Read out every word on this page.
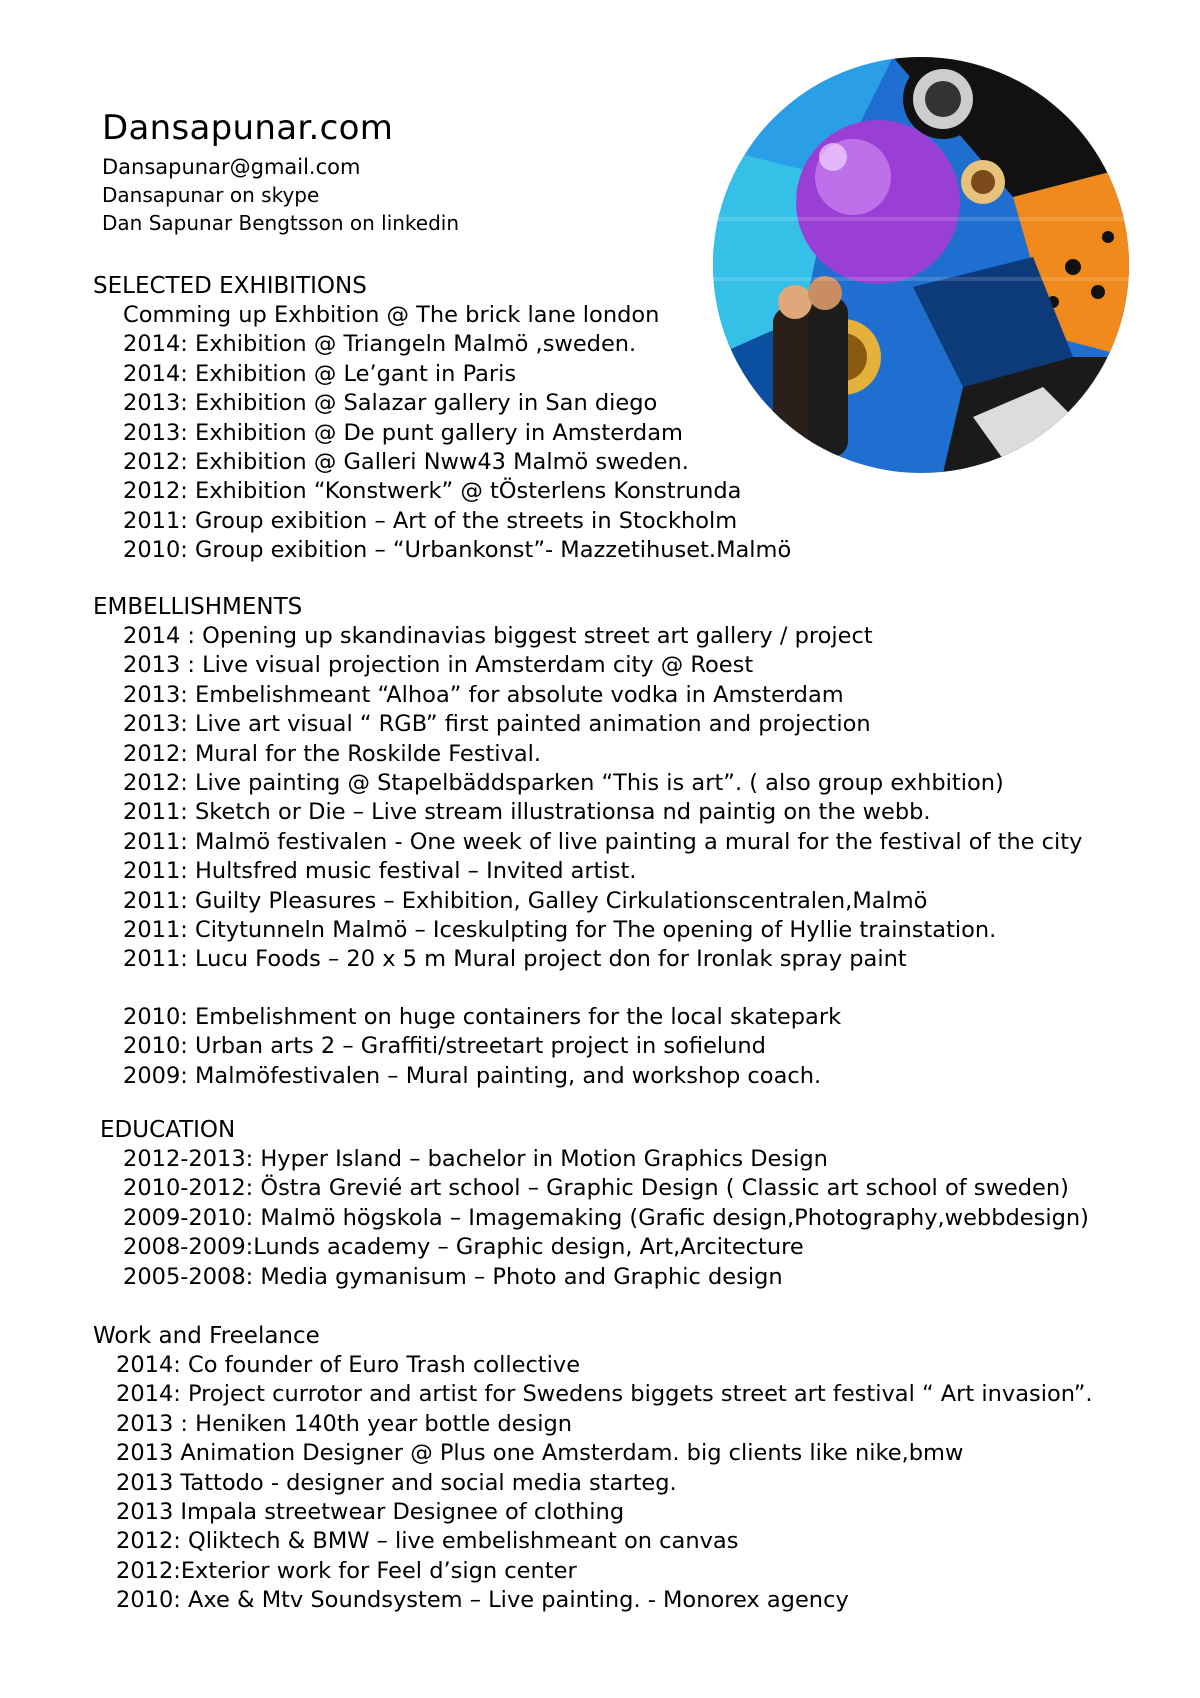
Dansapunar.com
Dansapunar@gmail.com
Dansapunar on skype
Dan Sapunar Bengtsson on linkedin
SELECTED EXHIBITIONS
Comming up Exhbition @ The brick lane london
2014: Exhibition @ Triangeln Malmö ,sweden.
2014: Exhibition @ Le’gant in Paris
2013: Exhibition @ Salazar gallery in San diego
2013: Exhibition @ De punt gallery in Amsterdam
2012: Exhibition @ Galleri Nww43 Malmö sweden.
2012: Exhibition “Konstwerk” @ tÖsterlens Konstrunda
2011: Group exibition – Art of the streets in Stockholm
2010: Group exibition – “Urbankonst”- Mazzetihuset.Malmö
EMBELLISHMENTS
2014 : Opening up skandinavias biggest street art gallery / project
2013 : Live visual projection in Amsterdam city @ Roest
2013: Embelishmeant “Alhoa” for absolute vodka in Amsterdam
2013: Live art visual “ RGB” first painted animation and projection
2012: Mural for the Roskilde Festival.
2012: Live painting @ Stapelbäddsparken “This is art”. ( also group exhbition)
2011: Sketch or Die – Live stream illustrationsa nd paintig on the webb.
2011: Malmö festivalen - One week of live painting a mural for the festival of the city
2011: Hultsfred music festival – Invited artist.
2011: Guilty Pleasures – Exhibition, Galley Cirkulationscentralen,Malmö
2011: Citytunneln Malmö – Iceskulpting for The opening of Hyllie trainstation.
2011: Lucu Foods – 20 x 5 m Mural project don for Ironlak spray paint
2010: Embelishment on huge containers for the local skatepark
2010: Urban arts 2 – Graffiti/streetart project in sofielund
2009: Malmöfestivalen – Mural painting, and workshop coach.
EDUCATION
2012-2013: Hyper Island – bachelor in Motion Graphics Design
2010-2012: Östra Grevié art school – Graphic Design ( Classic art school of sweden)
2009-2010: Malmö högskola – Imagemaking (Grafic design,Photography,webbdesign)
2008-2009:Lunds academy – Graphic design, Art,Arcitecture
2005-2008: Media gymanisum – Photo and Graphic design
Work and Freelance
2014: Co founder of Euro Trash collective
2014: Project currotor and artist for Swedens biggets street art festival “ Art invasion”.
2013 : Heniken 140th year bottle design
2013 Animation Designer @ Plus one Amsterdam. big clients like nike,bmw
2013 Tattodo - designer and social media starteg.
2013 Impala streetwear Designee of clothing
2012: Qliktech & BMW – live embelishmeant on canvas
2012:Exterior work for Feel d’sign center
2010: Axe & Mtv Soundsystem – Live painting. - Monorex agency
